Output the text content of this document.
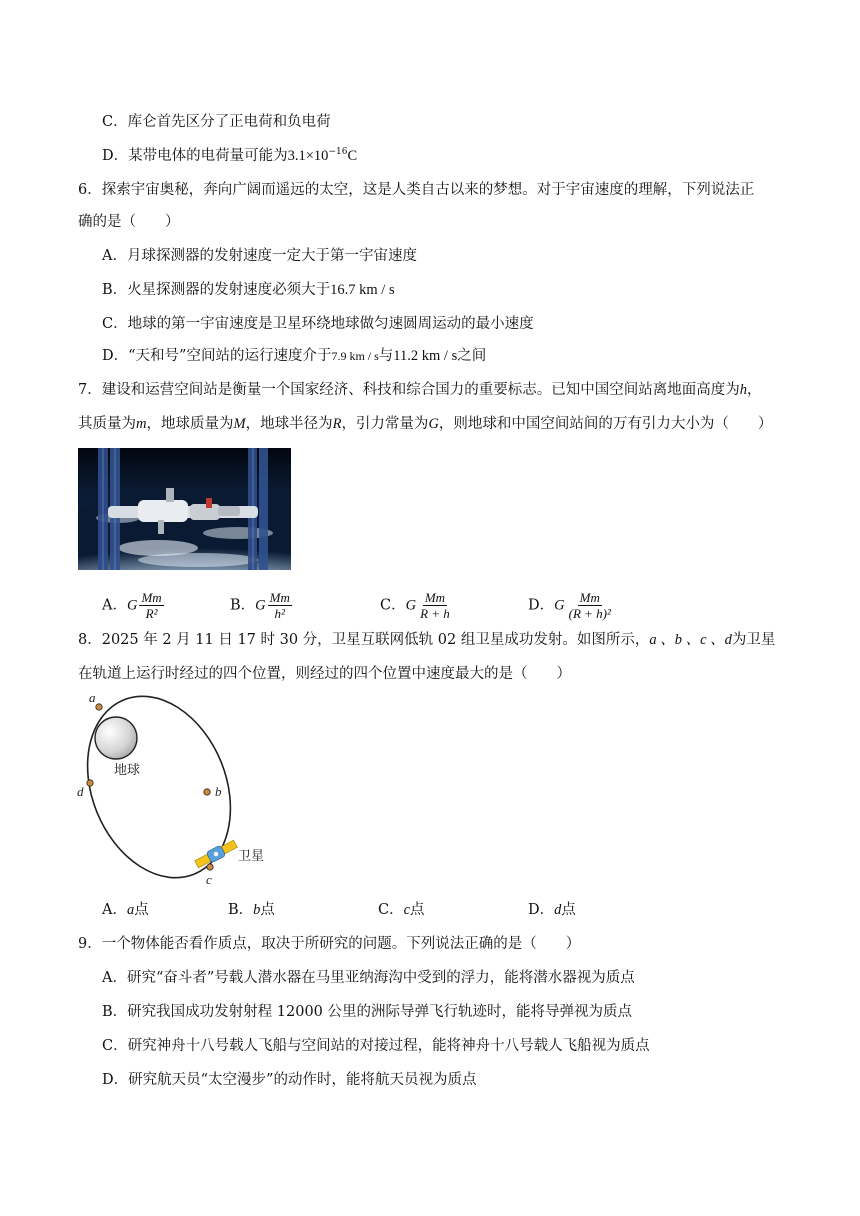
C．库仑首先区分了正电荷和负电荷
D．某带电体的电荷量可能为$3.1\times 10^{-16}C$
6．探索宇宙奥秘，奔向广阔而遥远的太空，这是人类自古以来的梦想。对于宇宙速度的理解，下列说法正
确的是（　　）
A．月球探测器的发射速度一定大于第一宇宙速度
B．火星探测器的发射速度必须大于16.7 km / s
C．地球的第一宇宙速度是卫星环绕地球做匀速圆周运动的最小速度
D．“天和号”空间站的运行速度介于7.9 km / s与11.2 km / s之间
7．建设和运营空间站是衡量一个国家经济、科技和综合国力的重要标志。已知中国空间站离地面高度为h，
其质量为m，地球质量为M，地球半径为R，引力常量为G，则地球和中国空间站间的万有引力大小为（　　）
A．G $\frac{Mm}{\text{R²}}$	B．G $\frac{Mm}{\text{h²}}$	C．G $\frac{Mm}{R + h}$	D．G $\frac{Mm}{\text{(R + h)²}}$
8．2025 年 2 月 11 日 17 时 30 分，卫星互联网低轨 02 组卫星成功发射。如图所示，a 、b 、c 、d为卫星
在轨道上运行时经过的四个位置，则经过的四个位置中速度最大的是（　　）
地球
a
b
c
d
卫星
A．a点	B．b点	C．c点	D．d点
9．一个物体能否看作质点，取决于所研究的问题。下列说法正确的是（　　）
A．研究“奋斗者”号载人潜水器在马里亚纳海沟中受到的浮力，能将潜水器视为质点
B．研究我国成功发射射程 12000 公里的洲际导弹飞行轨迹时，能将导弹视为质点
C．研究神舟十八号载人飞船与空间站的对接过程，能将神舟十八号载人飞船视为质点
D．研究航天员“太空漫步”的动作时，能将航天员视为质点
